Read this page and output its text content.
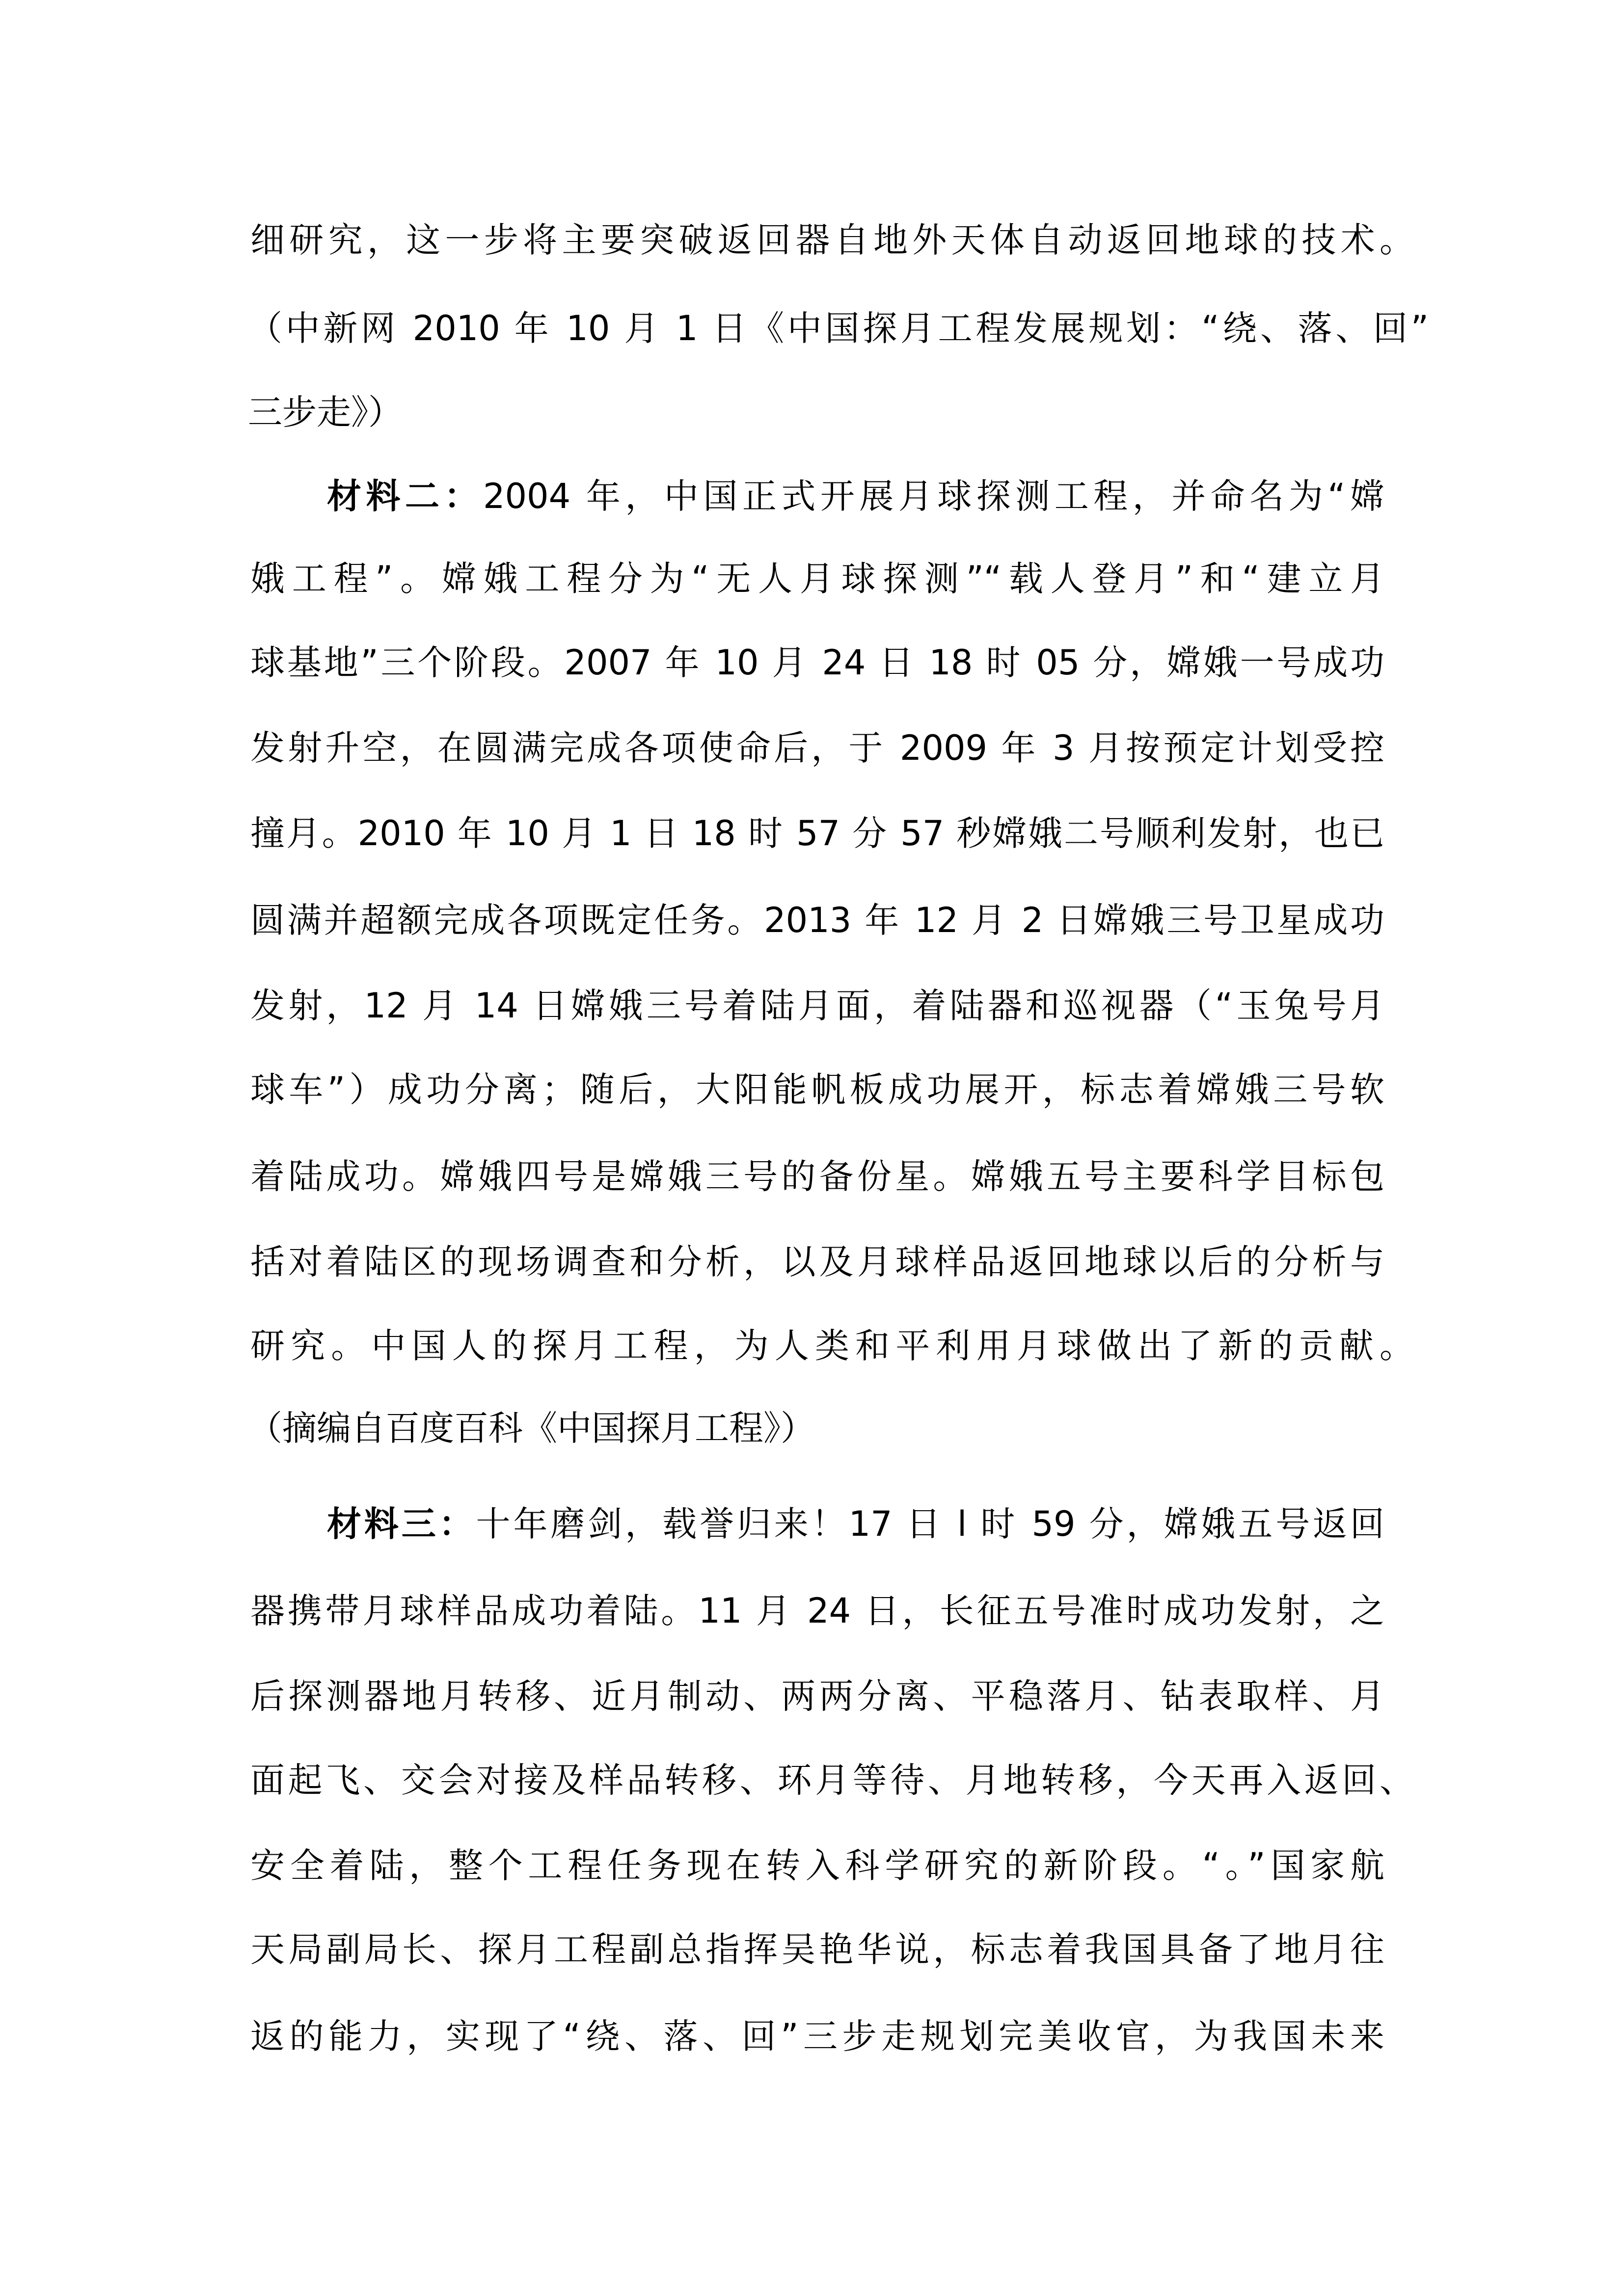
细研究，这一步将主要突破返回器自地外天体自动返回地球的技术。
（中新网 2010 年 10 月 1 日《中国探月工程发展规划：“绕、落、回”
三步走》）
材料二：2004 年，中国正式开展月球探测工程，并命名为“嫦
娥工程”。嫦娥工程分为“无人月球探测”“载人登月”和“建立月
球基地”三个阶段。2007 年 10 月 24 日 18 时 05 分，嫦娥一号成功
发射升空，在圆满完成各项使命后，于 2009 年 3 月按预定计划受控
撞月。2010 年 10 月 1 日 18 时 57 分 57 秒嫦娥二号顺利发射，也已
圆满并超额完成各项既定任务。2013 年 12 月 2 日嫦娥三号卫星成功
发射，12 月 14 日嫦娥三号着陆月面，着陆器和巡视器（“玉兔号月
球车”）成功分离；随后，大阳能帆板成功展开，标志着嫦娥三号软
着陆成功。嫦娥四号是嫦娥三号的备份星。嫦娥五号主要科学目标包
括对着陆区的现场调查和分析，以及月球样品返回地球以后的分析与
研究。中国人的探月工程，为人类和平利用月球做出了新的贡献。
（摘编自百度百科《中国探月工程》）
材料三：十年磨剑，载誉归来！17 日 l 时 59 分，嫦娥五号返回
器携带月球样品成功着陆。11 月 24 日，长征五号准时成功发射，之
后探测器地月转移、近月制动、两两分离、平稳落月、钻表取样、月
面起飞、交会对接及样品转移、环月等待、月地转移，今天再入返回、
安全着陆，整个工程任务现在转入科学研究的新阶段。“。”国家航
天局副局长、探月工程副总指挥吴艳华说，标志着我国具备了地月往
返的能力，实现了“绕、落、回”三步走规划完美收官，为我国未来
